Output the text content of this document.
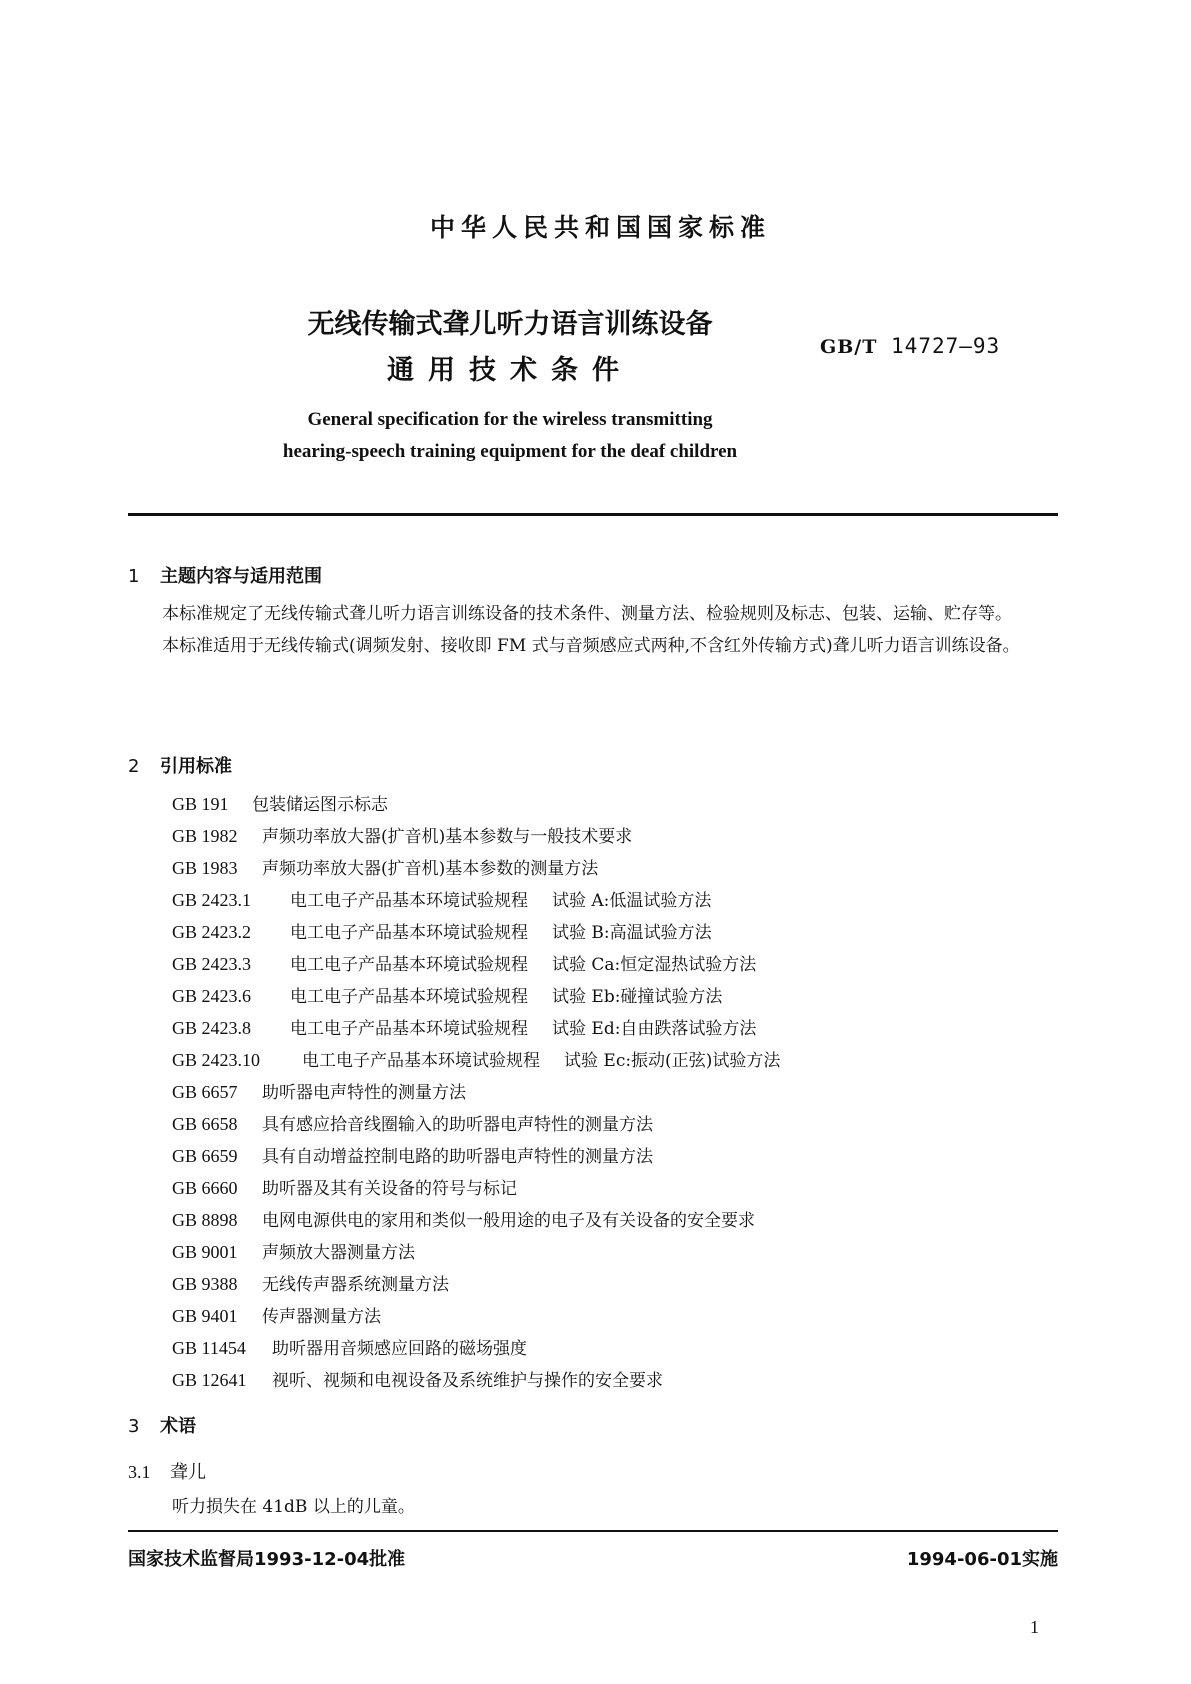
中华人民共和国国家标准
无线传输式聋儿听力语言训练设备
通用技术条件
GB/T 14727—93
General specification for the wireless transmitting
hearing-speech training equipment for the deaf children
1 主题内容与适用范围

本标准规定了无线传输式聋儿听力语言训练设备的技术条件、测量方法、检验规则及标志、包装、运输、贮存等。

本标准适用于无线传输式(调频发射、接收即 FM 式与音频感应式两种,不含红外传输方式)聋儿听力语言训练设备。

2 引用标准
GB 191 包装储运图示标志
GB 1982 声频功率放大器(扩音机)基本参数与一般技术要求
GB 1983 声频功率放大器(扩音机)基本参数的测量方法
GB 2423.1 电工电子产品基本环境试验规程 试验 A:低温试验方法
GB 2423.2 电工电子产品基本环境试验规程 试验 B:高温试验方法
GB 2423.3 电工电子产品基本环境试验规程 试验 Ca:恒定湿热试验方法
GB 2423.6 电工电子产品基本环境试验规程 试验 Eb:碰撞试验方法
GB 2423.8 电工电子产品基本环境试验规程 试验 Ed:自由跌落试验方法
GB 2423.10 电工电子产品基本环境试验规程 试验 Ec:振动(正弦)试验方法
GB 6657 助听器电声特性的测量方法
GB 6658 具有感应拾音线圈输入的助听器电声特性的测量方法
GB 6659 具有自动增益控制电路的助听器电声特性的测量方法
GB 6660 助听器及其有关设备的符号与标记
GB 8898 电网电源供电的家用和类似一般用途的电子及有关设备的安全要求
GB 9001 声频放大器测量方法
GB 9388 无线传声器系统测量方法
GB 9401 传声器测量方法
GB 11454 助听器用音频感应回路的磁场强度
GB 12641 视听、视频和电视设备及系统维护与操作的安全要求
3 术语
3.1 聋儿
听力损失在 41dB 以上的儿童。
国家技术监督局1993-12-04批准	1994-06-01实施
1
